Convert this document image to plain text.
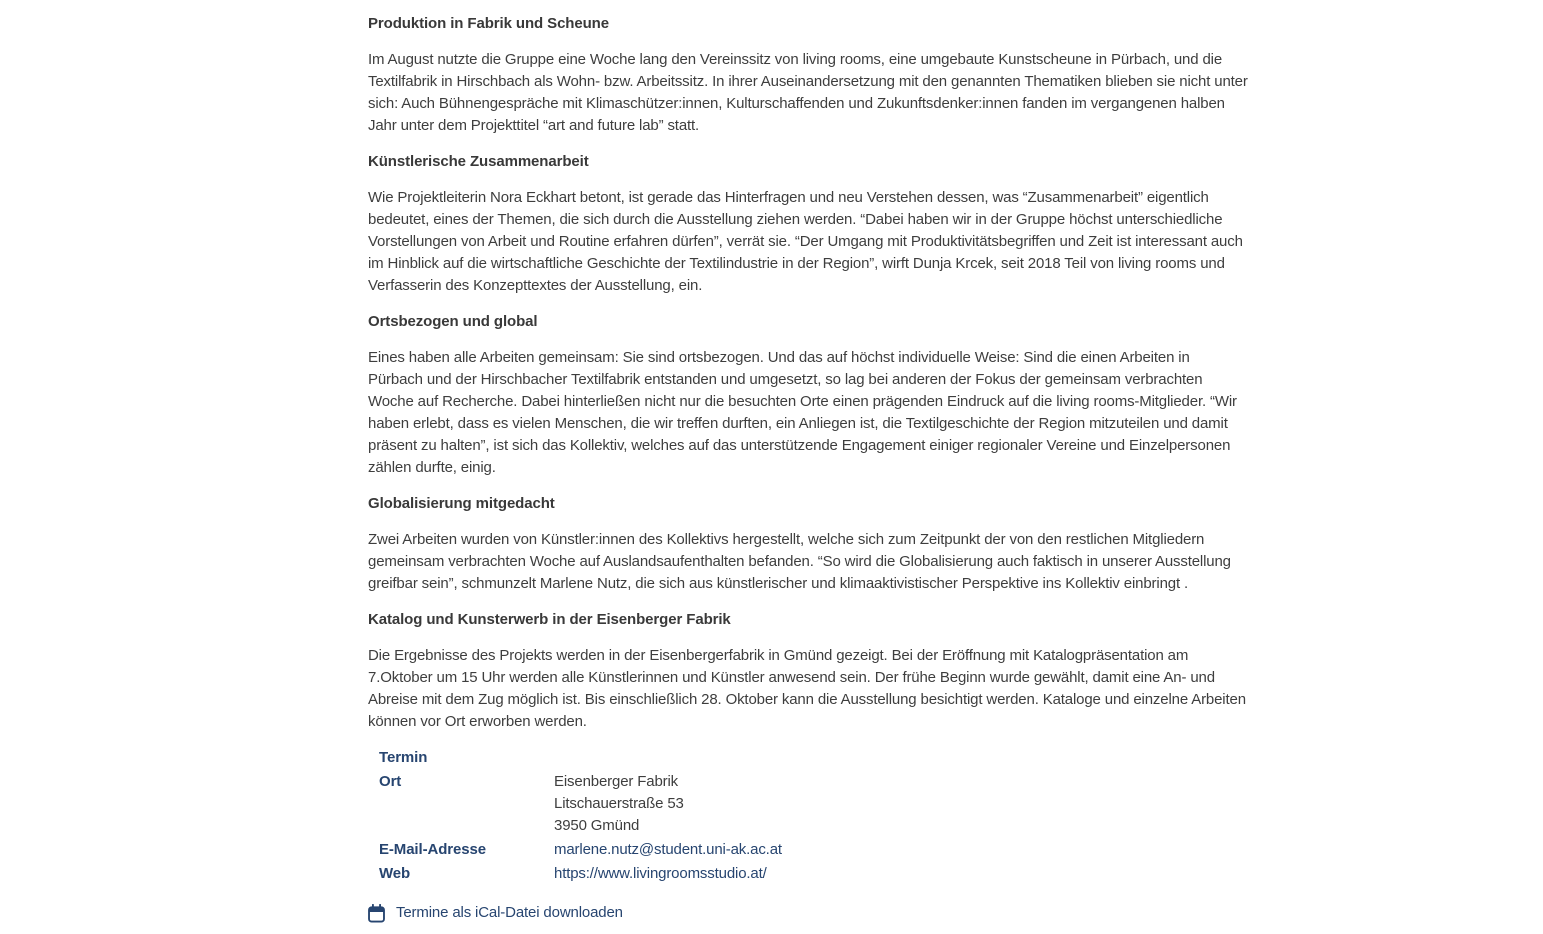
Produktion in Fabrik und Scheune

Im August nutzte die Gruppe eine Woche lang den Vereinssitz von living rooms, eine umgebaute Kunstscheune in Pürbach, und die Textilfabrik in Hirschbach als Wohn- bzw. Arbeitssitz. In ihrer Auseinandersetzung mit den genannten Thematiken blieben sie nicht unter sich: Auch Bühnengespräche mit Klimaschützer:innen, Kulturschaffenden und Zukunftsdenker:innen fanden im vergangenen halben Jahr unter dem Projekttitel “art and future lab” statt.

Künstlerische Zusammenarbeit

Wie Projektleiterin Nora Eckhart betont, ist gerade das Hinterfragen und neu Verstehen dessen, was “Zusammenarbeit” eigentlich bedeutet, eines der Themen, die sich durch die Ausstellung ziehen werden. “Dabei haben wir in der Gruppe höchst unterschiedliche Vorstellungen von Arbeit und Routine erfahren dürfen”, verrät sie. “Der Umgang mit Produktivitätsbegriffen und Zeit ist interessant auch im Hinblick auf die wirtschaftliche Geschichte der Textilindustrie in der Region”, wirft Dunja Krcek, seit 2018 Teil von living rooms und Verfasserin des Konzepttextes der Ausstellung, ein.

Ortsbezogen und global

Eines haben alle Arbeiten gemeinsam: Sie sind ortsbezogen. Und das auf höchst individuelle Weise: Sind die einen Arbeiten in Pürbach und der Hirschbacher Textilfabrik entstanden und umgesetzt, so lag bei anderen der Fokus der gemeinsam verbrachten Woche auf Recherche. Dabei hinterließen nicht nur die besuchten Orte einen prägenden Eindruck auf die living rooms-Mitglieder. “Wir haben erlebt, dass es vielen Menschen, die wir treffen durften, ein Anliegen ist, die Textilgeschichte der Region mitzuteilen und damit präsent zu halten”, ist sich das Kollektiv, welches auf das unterstützende Engagement einiger regionaler Vereine und Einzelpersonen zählen durfte, einig.

Globalisierung mitgedacht

Zwei Arbeiten wurden von Künstler:innen des Kollektivs hergestellt, welche sich zum Zeitpunkt der von den restlichen Mitgliedern gemeinsam verbrachten Woche auf Auslandsaufenthalten befanden. “So wird die Globalisierung auch faktisch in unserer Ausstellung greifbar sein”, schmunzelt Marlene Nutz, die sich aus künstlerischer und klimaaktivistischer Perspektive ins Kollektiv einbringt .

Katalog und Kunsterwerb in der Eisenberger Fabrik

Die Ergebnisse des Projekts werden in der Eisenbergerfabrik in Gmünd gezeigt. Bei der Eröffnung mit Katalogpräsentation am 7.Oktober um 15 Uhr werden alle Künstlerinnen und Künstler anwesend sein. Der frühe Beginn wurde gewählt, damit eine An- und Abreise mit dem Zug möglich ist. Bis einschließlich 28. Oktober kann die Ausstellung besichtigt werden. Kataloge und einzelne Arbeiten können vor Ort erworben werden.

Termin
Ort	Eisenberger Fabrik
Litschauerstraße 53
3950 Gmünd
E-Mail-Adresse	marlene.nutz@student.uni-ak.ac.at
Web	https://www.livingroomsstudio.at/
Termine als iCal-Datei downloaden
